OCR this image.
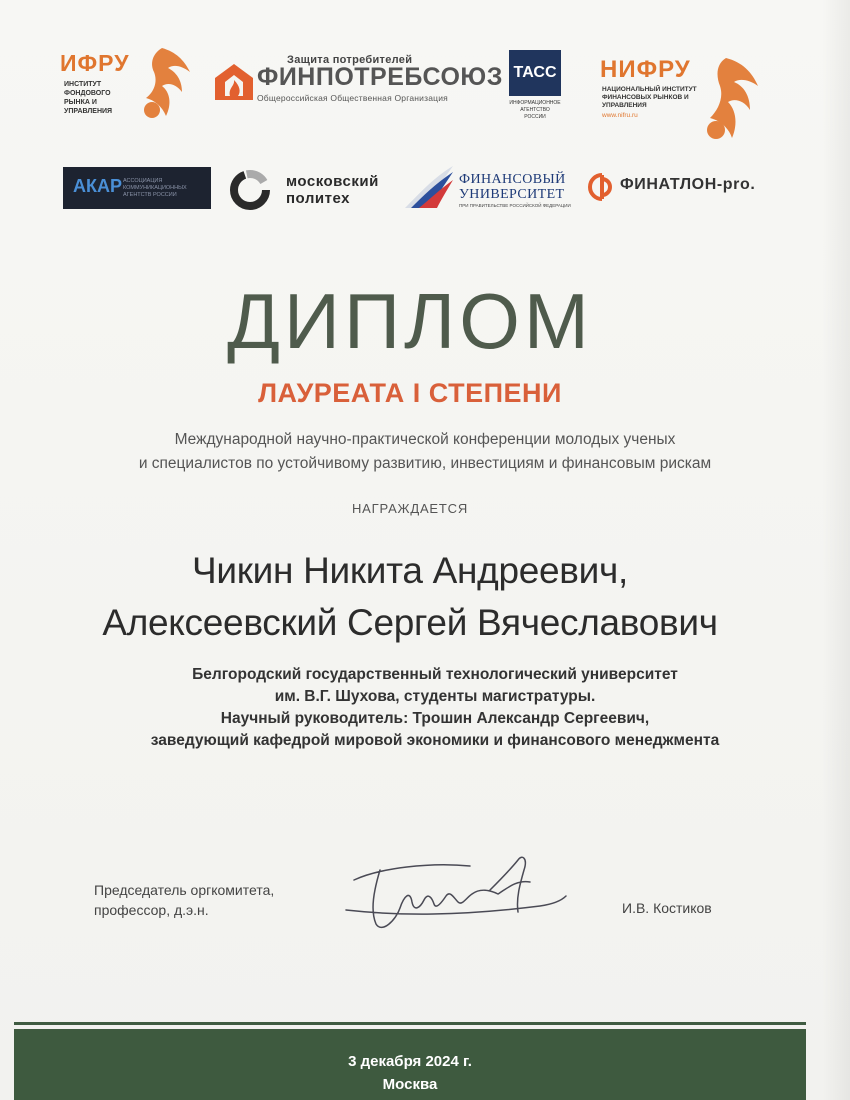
ИФРУ
ИНСТИТУТ ФОНДОВОГО РЫНКА И УПРАВЛЕНИЯ
Защита потребителей
ФИНПОТРЕБСОЮЗ
Общероссийская Общественная Организация
ТАСС
ИНФОРМАЦИОННОЕ АГЕНТСТВО РОССИИ
НИФРУ
НАЦИОНАЛЬНЫЙ ИНСТИТУТ ФИНАНСОВЫХ РЫНКОВ И УПРАВЛЕНИЯ
www.nifru.ru
АКАР АССОЦИАЦИЯ КОММУНИКАЦИОННЫХ АГЕНТСТВ РОССИИ
московский
политех
ФИНАНСОВЫЙ
УНИВЕРСИТЕТ
ПРИ ПРАВИТЕЛЬСТВЕ РОССИЙСКОЙ ФЕДЕРАЦИИ
ФИНАТЛОН-pro.
ДИПЛОМ
ЛАУРЕАТА I СТЕПЕНИ
Международной научно-практической конференции молодых ученых
и специалистов по устойчивому развитию, инвестициям и финансовым рискам
НАГРАЖДАЕТСЯ
Чикин Никита Андреевич,
Алексеевский Сергей Вячеславович
Белгородский государственный технологический университет
им. В.Г. Шухова, студенты магистратуры.
Научный руководитель: Трошин Александр Сергеевич,
заведующий кафедрой мировой экономики и финансового менеджмента
Председатель оргкомитета,
профессор, д.э.н.	И.В. Костиков
3 декабря 2024 г.
Москва
